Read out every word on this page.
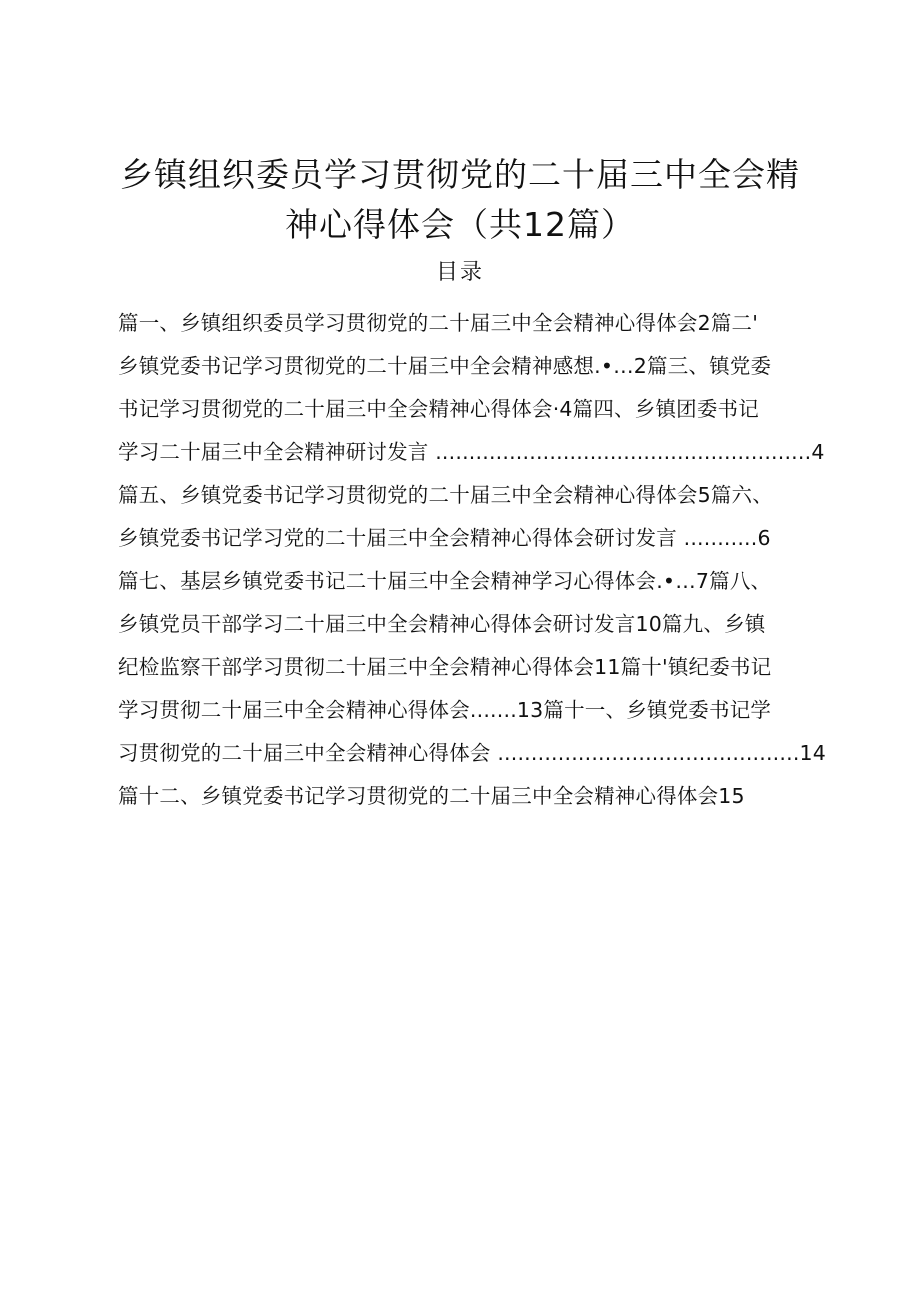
乡镇组织委员学习贯彻党的二十届三中全会精
神心得体会（共12篇）
目录
篇一、乡镇组织委员学习贯彻党的二十届三中全会精神心得体会2篇二'
乡镇党委书记学习贯彻党的二十届三中全会精神感想.•…2篇三、镇党委
书记学习贯彻党的二十届三中全会精神心得体会·4篇四、乡镇团委书记
学习二十届三中全会精神研讨发言 ........................................................4
篇五、乡镇党委书记学习贯彻党的二十届三中全会精神心得体会5篇六、
乡镇党委书记学习党的二十届三中全会精神心得体会研讨发言 ...........6
篇七、基层乡镇党委书记二十届三中全会精神学习心得体会.•…7篇八、
乡镇党员干部学习二十届三中全会精神心得体会研讨发言10篇九、乡镇
纪检监察干部学习贯彻二十届三中全会精神心得体会11篇十'镇纪委书记
学习贯彻二十届三中全会精神心得体会.......13篇十一、乡镇党委书记学
习贯彻党的二十届三中全会精神心得体会 .............................................14
篇十二、乡镇党委书记学习贯彻党的二十届三中全会精神心得体会15
